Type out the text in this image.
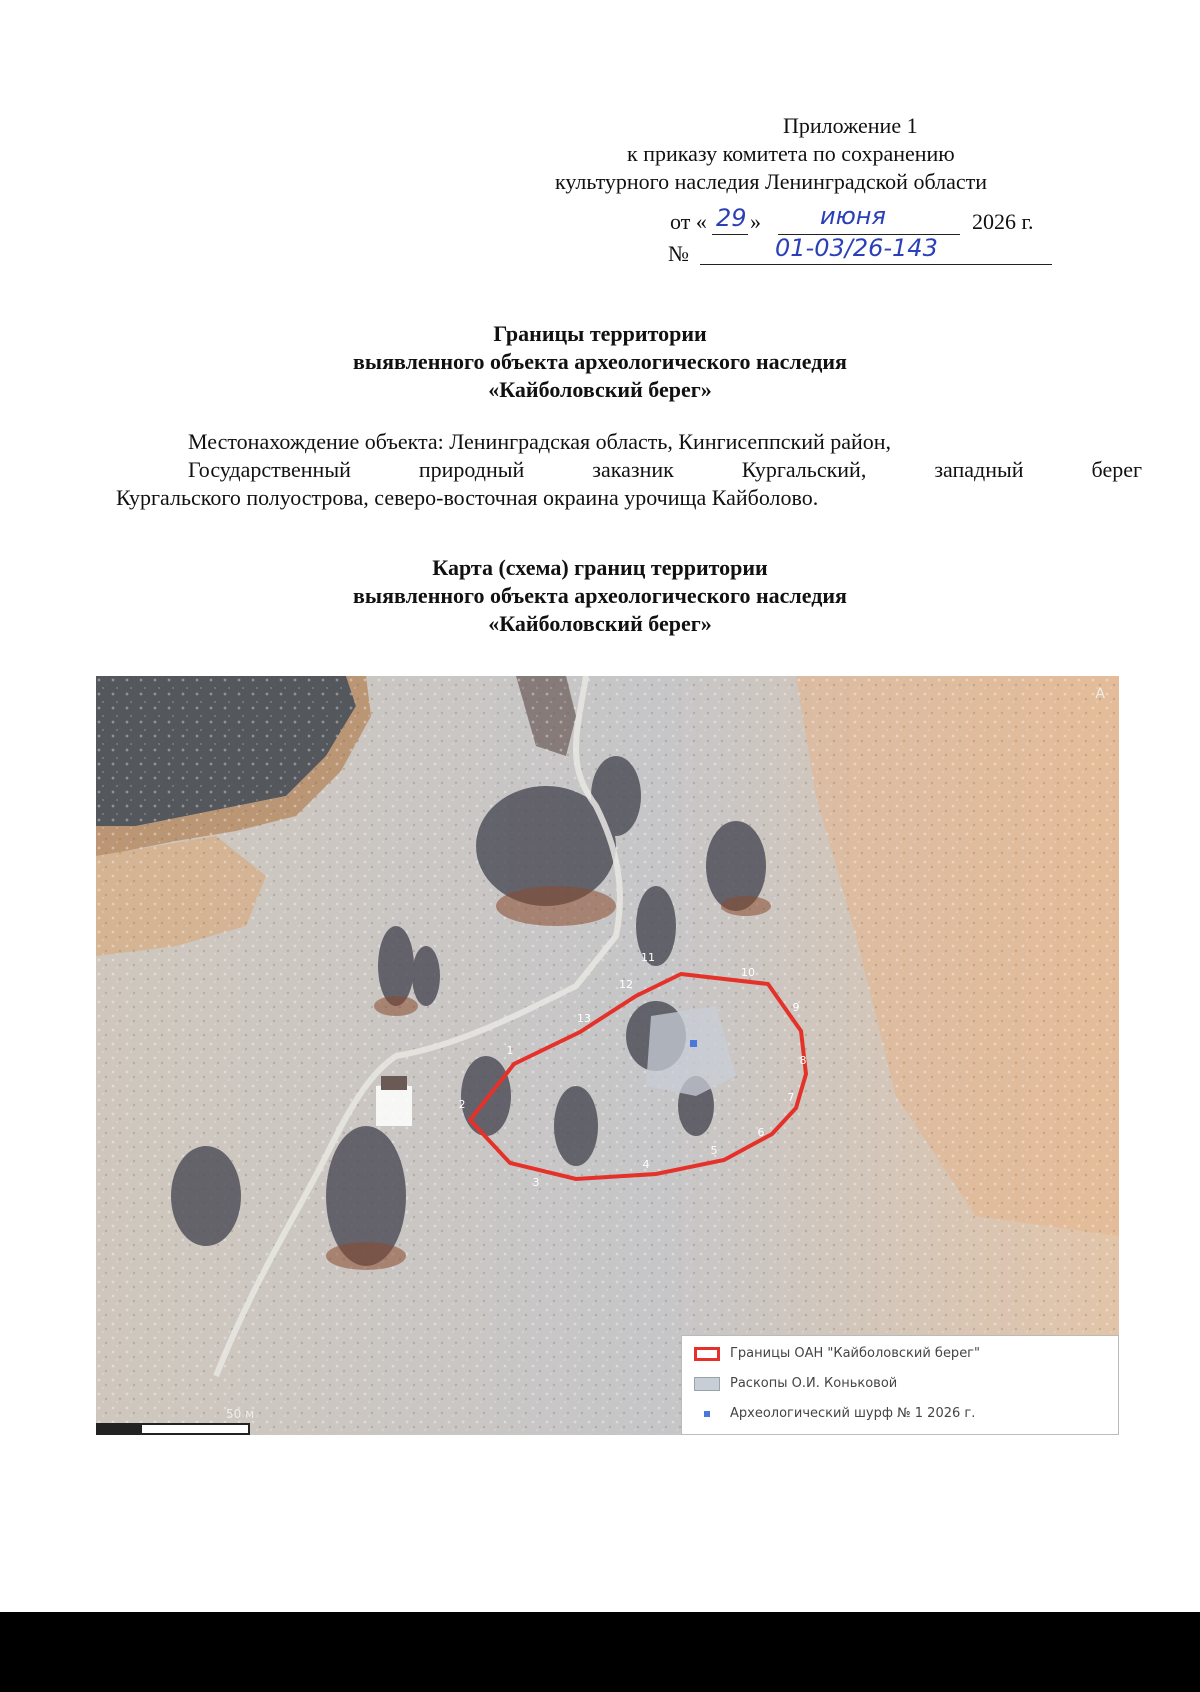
Приложение 1
к приказу комитета по сохранению
культурного наследия Ленинградской области
от « 29 » июня	2026 г.
№	01-03/26-143
Границы территории
выявленного объекта археологического наследия
«Кайболовский берег»

Местонахождение объекта: Ленинградская область, Кингисеппский район,

Государственный природный заказник Кургальский, западный берег

Кургальского полуострова, северо-восточная окраина урочища Кайболово.

Карта (схема) границ территории
выявленного объекта археологического наследия
«Кайболовский берег»
11
10
9
8
7
6
5
4
3
2
1
13
12
A
50 м
Границы ОАН "Кайболовский берег"
Раскопы О.И. Коньковой
Археологический шурф № 1 2026 г.
